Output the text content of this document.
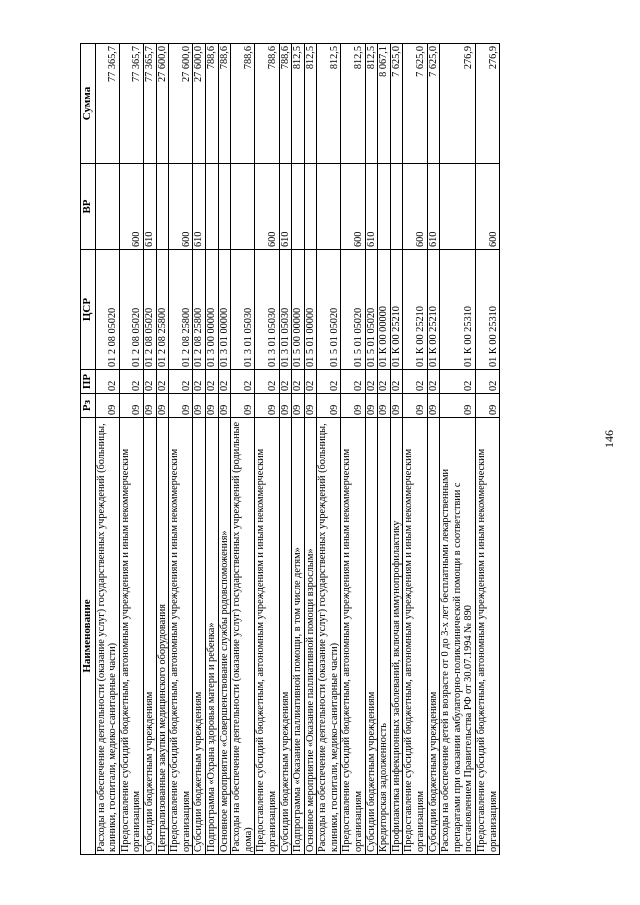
146
Наименование	Рз	ПР	ЦСР	ВР	Сумма
Расходы на обеспечение деятельности (оказание услуг) государственных учреждений (больницы, клиники, госпитали, медико-санитарные части)	09	02	01 2 08 05020		77 365,7
Предоставление субсидий бюджетным, автономным учреждениям и иным некоммерческим организациям	09	02	01 2 08 05020	600	77 365,7
Субсидии бюджетным учреждениям	09	02	01 2 08 05020	610	77 365,7
Централизованные закупки медицинского оборудования	09	02	01 2 08 25800		27 600,0
Предоставление субсидий бюджетным, автономным учреждениям и иным некоммерческим организациям	09	02	01 2 08 25800	600	27 600,0
Субсидии бюджетным учреждениям	09	02	01 2 08 25800	610	27 600,0
Подпрограмма «Охрана здоровья матери и ребенка»	09	02	01 3 00 00000		788,6
Основное мероприятие «Совершенствование службы родовспоможения»	09	02	01 3 01 00000		788,6
Расходы на обеспечение деятельности (оказание услуг) государственных учреждений (родильные дома)	09	02	01 3 01 05030		788,6
Предоставление субсидий бюджетным, автономным учреждениям и иным некоммерческим организациям	09	02	01 3 01 05030	600	788,6
Субсидии бюджетным учреждениям	09	02	01 3 01 05030	610	788,6
Подпрограмма «Оказание паллиативной помощи, в том числе детям»	09	02	01 5 00 00000		812,5
Основное мероприятие «Оказание паллиативной помощи взрослым»	09	02	01 5 01 00000		812,5
Расходы на обеспечение деятельности (оказание услуг) государственных учреждений (больницы, клиники, госпитали, медико-санитарные части)	09	02	01 5 01 05020		812,5
Предоставление субсидий бюджетным, автономным учреждениям и иным некоммерческим организациям	09	02	01 5 01 05020	600	812,5
Субсидии бюджетным учреждениям	09	02	01 5 01 05020	610	812,5
Кредиторская задолженность	09	02	01 К 00 00000		8 067,1
Профилактика инфекционных заболеваний, включая иммунопрофилактику	09	02	01 К 00 25210		7 625,0
Предоставление субсидий бюджетным, автономным учреждениям и иным некоммерческим организациям	09	02	01 К 00 25210	600	7 625,0
Субсидии бюджетным учреждениям	09	02	01 К 00 25210	610	7 625,0
Расходы на обеспечение детей в возрасте от 0 до 3-х лет бесплатными лекарственными препаратами при оказании амбулаторно-поликлинической помощи в соответствии с постановлением Правительства РФ от 30.07.1994 № 890	09	02	01 К 00 25310		276,9
Предоставление субсидий бюджетным, автономным учреждениям и иным некоммерческим организациям	09	02	01 К 00 25310	600	276,9
